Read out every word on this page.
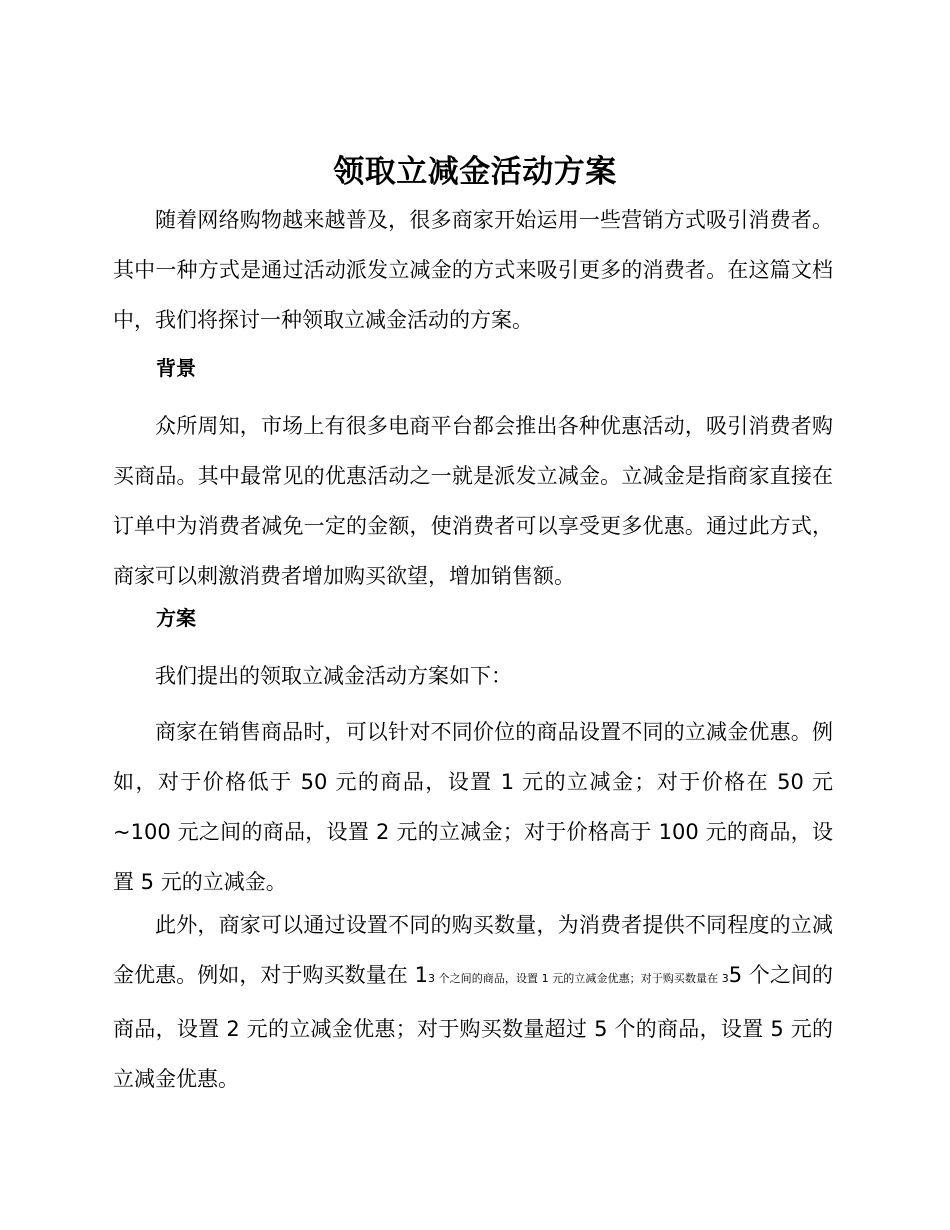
领取立减金活动方案
随着网络购物越来越普及，很多商家开始运用一些营销方式吸引消费者。其中一种方式是通过活动派发立减金的方式来吸引更多的消费者。在这篇文档中，我们将探讨一种领取立减金活动的方案。
背景
众所周知，市场上有很多电商平台都会推出各种优惠活动，吸引消费者购买商品。其中最常见的优惠活动之一就是派发立减金。立减金是指商家直接在订单中为消费者减免一定的金额，使消费者可以享受更多优惠。通过此方式，商家可以刺激消费者增加购买欲望，增加销售额。
方案
我们提出的领取立减金活动方案如下：
商家在销售商品时，可以针对不同价位的商品设置不同的立减金优惠。例如，对于价格低于 50 元的商品，设置 1 元的立减金；对于价格在 50 元~100 元之间的商品，设置 2 元的立减金；对于价格高于 100 元的商品，设置 5 元的立减金。
此外，商家可以通过设置不同的购买数量，为消费者提供不同程度的立减金优惠。例如，对于购买数量在 13 个之间的商品，设置 1 元的立减金优惠；对于购买数量在 35 个之间的商品，设置 2 元的立减金优惠；对于购买数量超过 5 个的商品，设置 5 元的立减金优惠。
